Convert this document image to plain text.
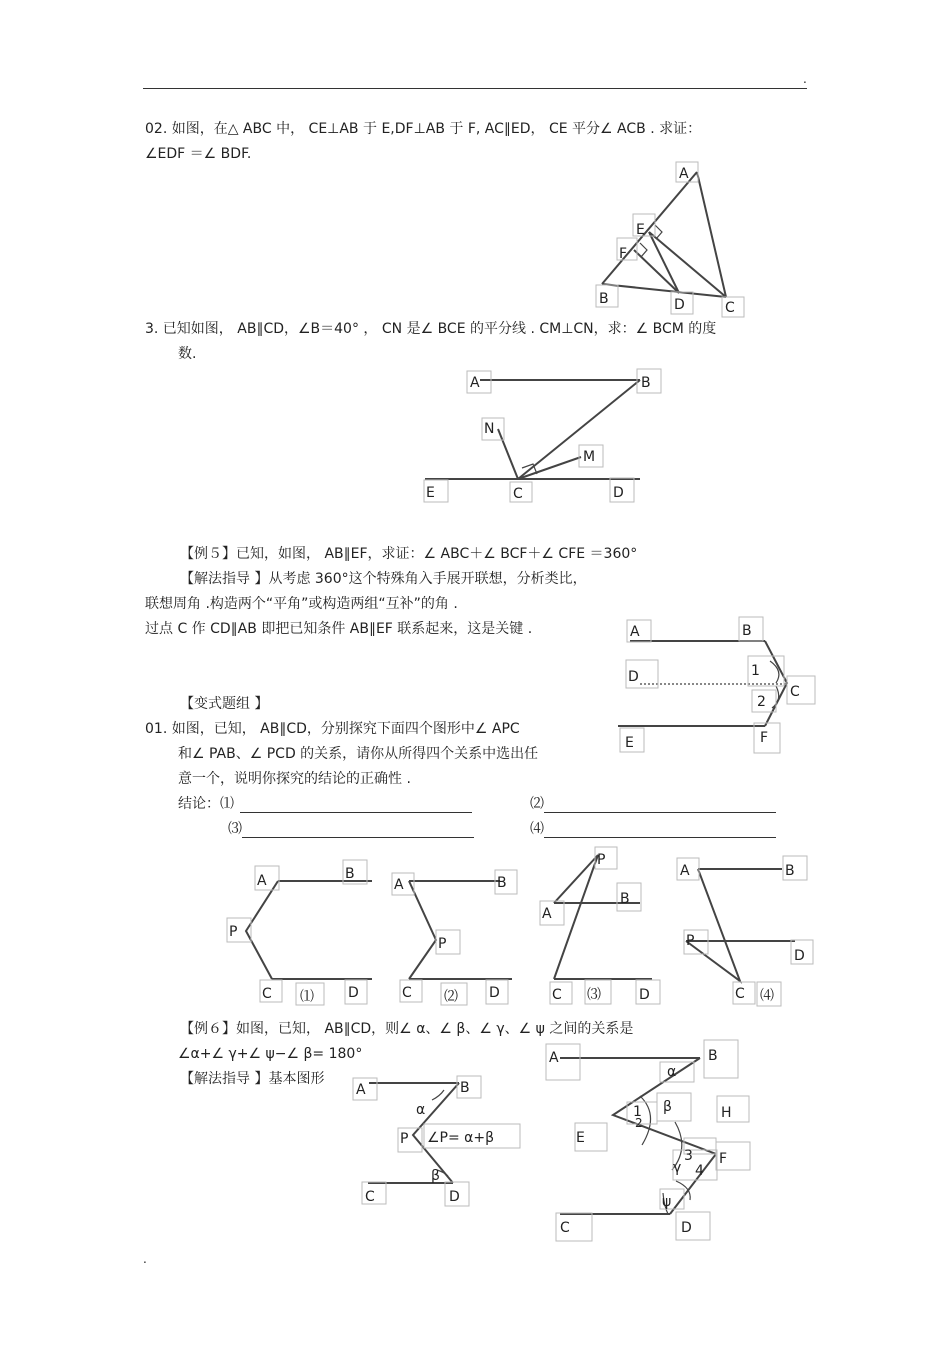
.
02. 如图，在△ ABC 中， CE⊥AB 于 E,DF⊥AB 于 F, AC∥ED， CE 平分∠ ACB . 求证：
∠EDF ＝∠ BDF.
A
E
F
B	D	C
3. 已知如图， AB∥CD，∠B＝40° ， CN 是∠ BCE 的平分线 . CM⊥CN，求：∠ BCM 的度
数.
A	B
N
M
E	C	D
【例５】已知，如图， AB∥EF，求证：∠ ABC＋∠ BCF＋∠ CFE ＝360°
【解法指导 】从考虑 360°这个特殊角入手展开联想，分析类比，
联想周角 .构造两个“平角”或构造两组“互补”的角 .
过点 C 作 CD∥AB 即把已知条件 AB∥EF 联系起来，这是关键 .	A	B
D	1
C
2
E	F
【变式题组 】
01. 如图，已知， AB∥CD，分别探究下面四个图形中∠ APC
和∠ PAB、∠ PCD 的关系，请你从所得四个关系中选出任
意一个，说明你探究的结论的正确性 .
结论：⑴	⑵
⑶	⑷
A	B
P
C ⑴ D
A	B
P
C ⑵ D
P
B
A
C ⑶	D
A	B
P
D
C ⑷
【例６】如图，已知， AB∥CD，则∠ α、∠ β、∠ γ、∠ ψ 之间的关系是
∠α+∠ γ+∠ ψ−∠ β= 180°
【解法指导 】基本图形
A	B
α
P ∠P= α+β
β
C	D
A	B
α
1
2
β	H
E
3
γ 4
F
ψ
C	D
.
